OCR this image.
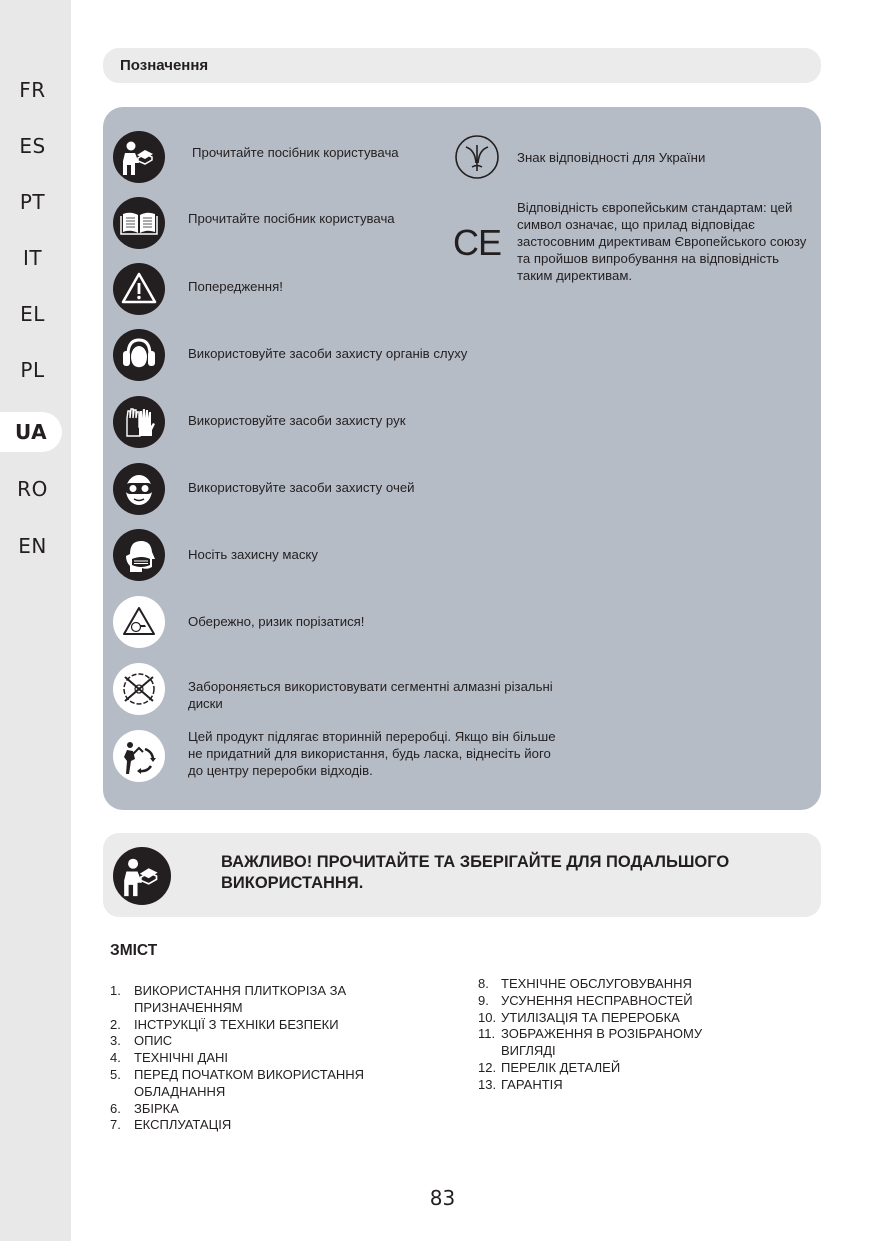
FR
ES
PT
IT
EL
PL
UA
RO
EN
Позначення
Прочитайте посібник користувача
Прочитайте посібник користувача
Попередження!
Використовуйте засоби захисту органів слуху
Використовуйте засоби захисту рук
Використовуйте засоби захисту очей
Носіть захисну маску
Обережно, ризик порізатися!
Забороняється використовувати сегментні алмазні різальні диски
Цей продукт підлягає вторинній переробці. Якщо він більше не придатний для використання, будь ласка, віднесіть його до центру переробки відходів.
Знак відповідності для України
CE
Відповідність європейським стандартам: цей символ означає, що прилад відповідає застосовним директивам Європейського союзу та пройшов випробування на відповідність таким директивам.
ВАЖЛИВО! ПРОЧИТАЙТЕ ТА ЗБЕРІГАЙТЕ ДЛЯ ПОДАЛЬШОГО ВИКОРИСТАННЯ.
ЗМІСТ
1.	ВИКОРИСТАННЯ ПЛИТКОРІЗА ЗА
ПРИЗНАЧЕННЯМ
2.	ІНСТРУКЦІЇ З ТЕХНІКИ БЕЗПЕКИ
3.	ОПИС
4.	ТЕХНІЧНІ ДАНІ
5.	ПЕРЕД ПОЧАТКОМ ВИКОРИСТАННЯ
ОБЛАДНАННЯ
6.	ЗБІРКА
7.	ЕКСПЛУАТАЦІЯ
8. ТЕХНІЧНЕ ОБСЛУГОВУВАННЯ
9. УСУНЕННЯ НЕСПРАВНОСТЕЙ
10. УТИЛІЗАЦІЯ ТА ПЕРЕРОБКА
11. ЗОБРАЖЕННЯ В РОЗІБРАНОМУ
ВИГЛЯДІ
12. ПЕРЕЛІК ДЕТАЛЕЙ
13. ГАРАНТІЯ
83
